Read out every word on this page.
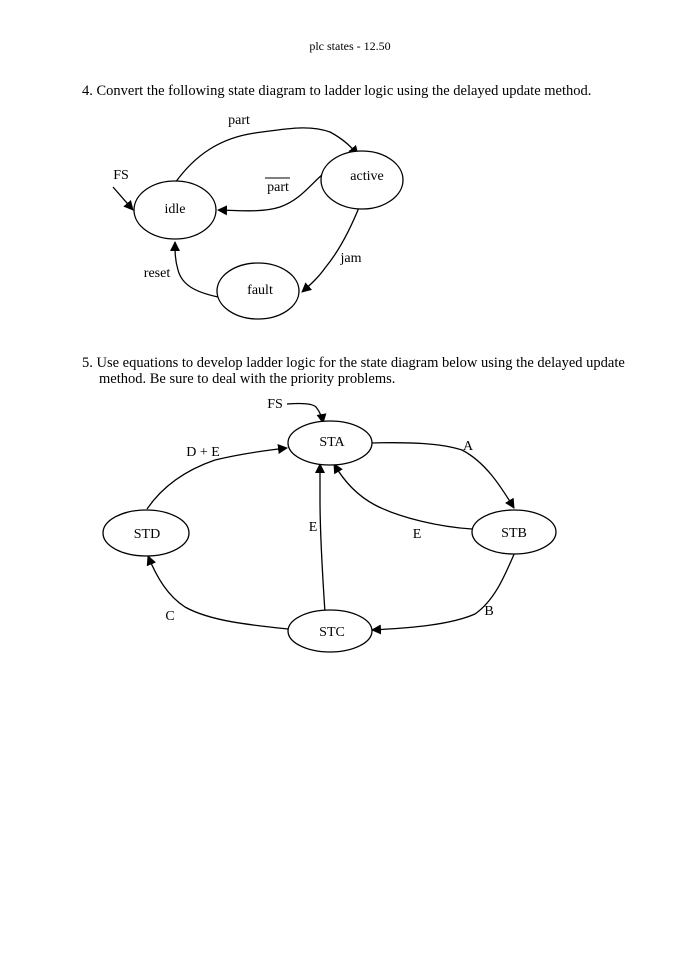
plc states - 12.50
4. Convert the following state diagram to ladder logic using the delayed update method.
5. Use equations to develop ladder logic for the state diagram below using the delayed update
method. Be sure to deal with the priority problems.
idle
active
fault
part
part
FS
jam
reset
STA
STB
STC
STD
FS
A
B
C
D + E
E
E
